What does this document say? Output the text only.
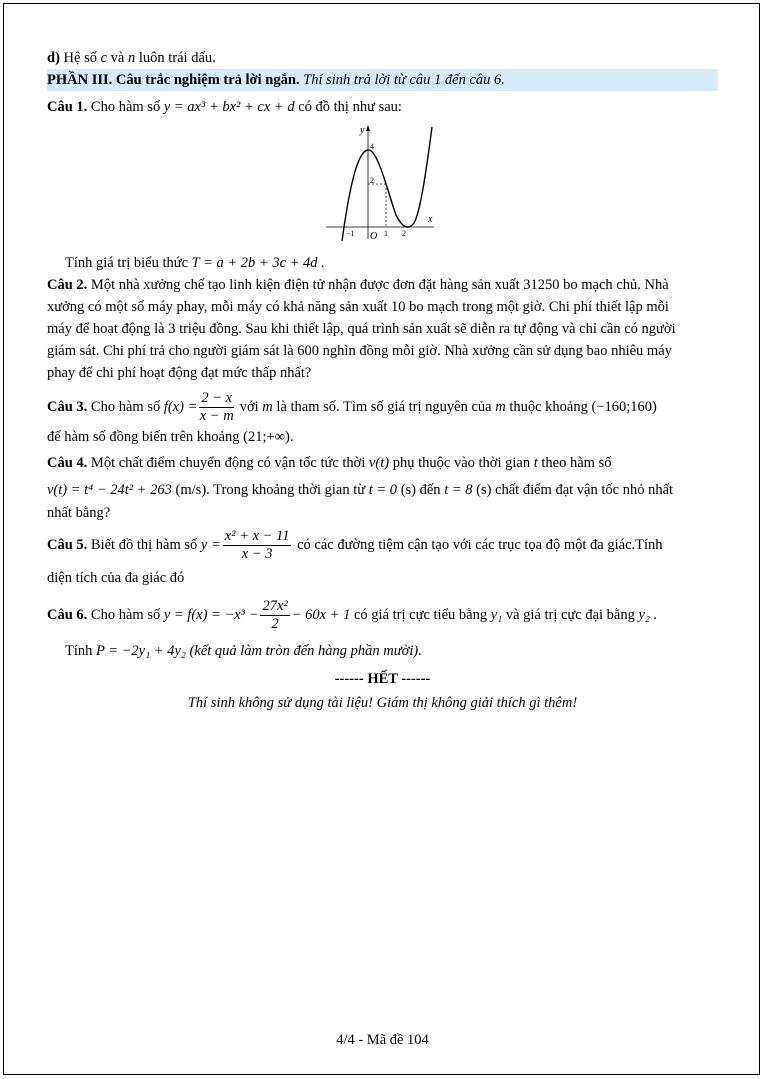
d) Hệ số c và n luôn trái dấu.
PHẦN III. Câu trắc nghiệm trả lời ngắn. Thí sinh trả lời từ câu 1 đến câu 6.
Câu 1. Cho hàm số y = ax³ + bx² + cx + d có đồ thị như sau:
y
x
O
−1	1 2
4
2
Tính giá trị biểu thức T = a + 2b + 3c + 4d .
Câu 2. Một nhà xưởng chế tạo linh kiện điện tử nhận được đơn đặt hàng sản xuất 31250 bo mạch chủ. Nhà
xưởng có một số máy phay, mỗi máy có khả năng sản xuất 10 bo mạch trong một giờ. Chi phí thiết lập mỗi
máy để hoạt động là 3 triệu đồng. Sau khi thiết lập, quá trình sản xuất sẽ diễn ra tự động và chỉ cần có người
giám sát. Chi phí trả cho người giám sát là 600 nghìn đồng mỗi giờ. Nhà xưởng cần sử dụng bao nhiêu máy
phay để chi phí hoạt động đạt mức thấp nhất?
Câu 3. Cho hàm số $f(x) = \frac{2 - x}{x - m}$ với m là tham số. Tìm số giá trị nguyên của m thuộc khoảng (−160;160)
để hàm số đồng biến trên khoảng (21;+∞).
Câu 4. Một chất điểm chuyển động có vận tốc tức thời v(t) phụ thuộc vào thời gian t theo hàm số
v(t) = t⁴ − 24t² + 263 (m/s). Trong khoảng thời gian từ t = 0 (s) đến t = 8 (s) chất điểm đạt vận tốc nhỏ nhất
nhất bằng?
Câu 5. Biết đồ thị hàm số $y = \frac{\text{x² + x − 11}}{x - 3}$ có các đường tiệm cận tạo với các trục tọa độ một đa giác.Tính
diện tích của đa giác đó
Câu 6. Cho hàm số $y = f(x) = -x^3 - \frac{\text{27x²}}{2} - 60x + 1$ có giá trị cực tiểu bằng y₁ và giá trị cực đại bằng y₂ .
Tính P = −2y₁ + 4y₂ (kết quả làm tròn đến hàng phần mười).
------ HẾT ------
Thí sinh không sử dụng tài liệu! Giám thị không giải thích gì thêm!
4/4 - Mã đề 104
